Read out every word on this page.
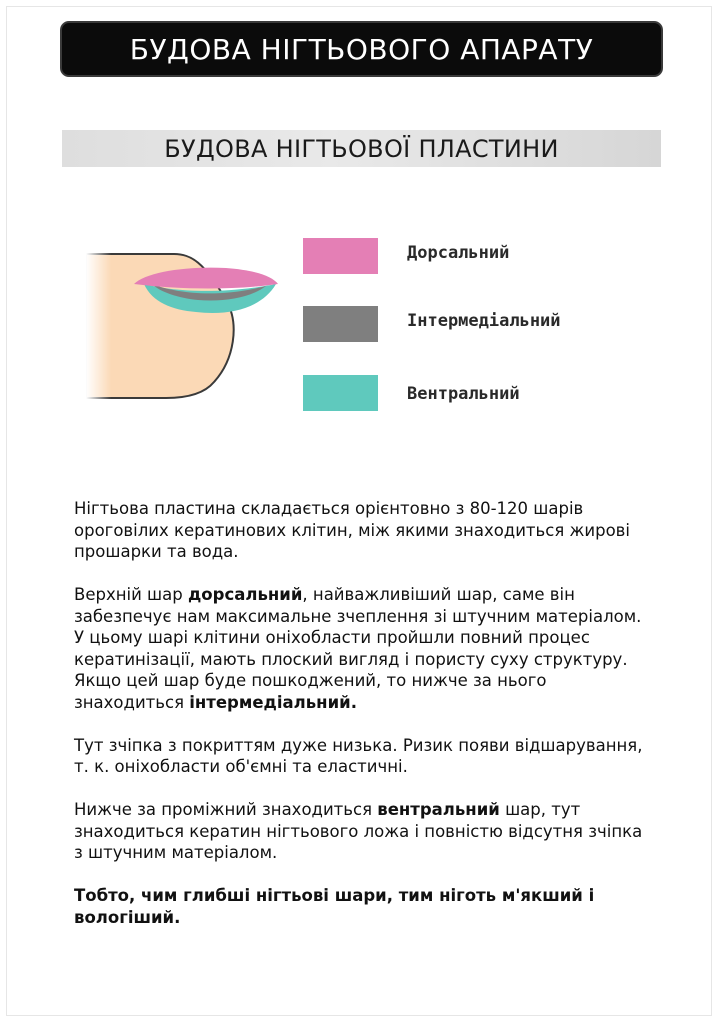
БУДОВА НІГТЬОВОГО АПАРАТУ
БУДОВА НІГТЬОВОЇ ПЛАСТИНИ
Дорсальний
Інтермедіальний
Вентральний

Нігтьова пластина складається орієнтовно з 80-120 шарів ороговілих кератинових клітин, між якими знаходиться жирові прошарки та вода.

Верхній шар дорсальний, найважливіший шар, саме він забезпечує нам максимальне зчеплення зі штучним матеріалом. У цьому шарі клітини оніхобласти пройшли повний процес кератинізації, мають плоский вигляд і пористу суху структуру. Якщо цей шар буде пошкоджений, то нижче за нього знаходиться інтермедіальний.

Тут зчіпка з покриттям дуже низька. Ризик появи відшарування, т. к. оніхобласти об'ємні та еластичні.

Нижче за проміжний знаходиться вентральний шар, тут знаходиться кератин нігтьового ложа і повністю відсутня зчіпка з штучним матеріалом.

Тобто, чим глибші нігтьові шари, тим ніготь м'якший і вологіший.
